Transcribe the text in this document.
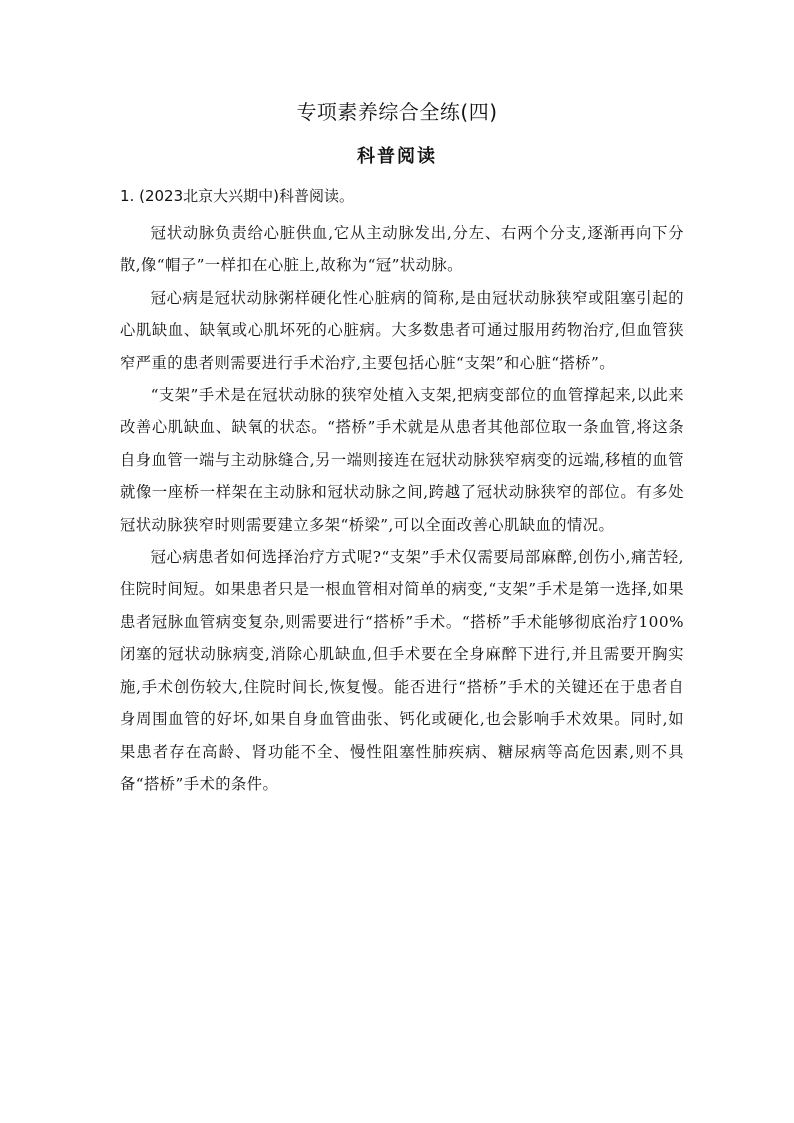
专项素养综合全练(四)
科普阅读
1. (2023北京大兴期中)科普阅读。

冠状动脉负责给心脏供血,它从主动脉发出,分左、右两个分支,逐渐再向下分散,像“帽子”一样扣在心脏上,故称为“冠”状动脉。

冠心病是冠状动脉粥样硬化性心脏病的简称,是由冠状动脉狭窄或阻塞引起的心肌缺血、缺氧或心肌坏死的心脏病。大多数患者可通过服用药物治疗,但血管狭窄严重的患者则需要进行手术治疗,主要包括心脏“支架”和心脏“搭桥”。

“支架”手术是在冠状动脉的狭窄处植入支架,把病变部位的血管撑起来,以此来改善心肌缺血、缺氧的状态。“搭桥”手术就是从患者其他部位取一条血管,将这条自身血管一端与主动脉缝合,另一端则接连在冠状动脉狭窄病变的远端,移植的血管就像一座桥一样架在主动脉和冠状动脉之间,跨越了冠状动脉狭窄的部位。有多处冠状动脉狭窄时则需要建立多架“桥梁”,可以全面改善心肌缺血的情况。

冠心病患者如何选择治疗方式呢?“支架”手术仅需要局部麻醉,创伤小,痛苦轻,住院时间短。如果患者只是一根血管相对简单的病变,“支架”手术是第一选择,如果患者冠脉血管病变复杂,则需要进行“搭桥”手术。“搭桥”手术能够彻底治疗100%闭塞的冠状动脉病变,消除心肌缺血,但手术要在全身麻醉下进行,并且需要开胸实施,手术创伤较大,住院时间长,恢复慢。能否进行“搭桥”手术的关键还在于患者自身周围血管的好坏,如果自身血管曲张、钙化或硬化,也会影响手术效果。同时,如果患者存在高龄、肾功能不全、慢性阻塞性肺疾病、糖尿病等高危因素,则不具备“搭桥”手术的条件。
